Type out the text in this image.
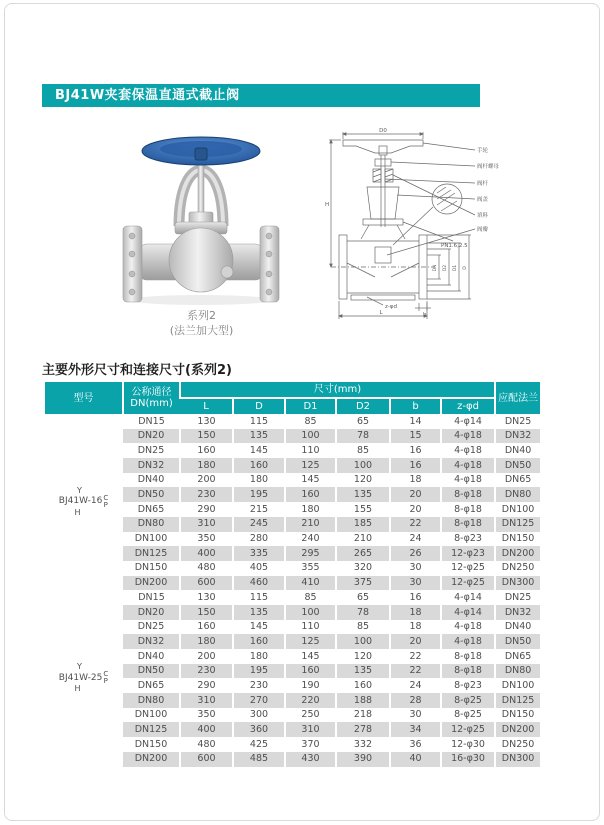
BJ41W夹套保温直通式截止阀
系列2
(法兰加大型)
D0
H
L	b
z-φd
DN D2 D1 D
手轮
阀杆螺母
阀杆
阀盖
填料
阀瓣
PN1.6,2.5
主要外形尺寸和连接尺寸(系列2)
型号	公称通径
DN(mm)	尺寸(mm)						应配法兰
		L	D	D1	D2	b	z-φd	

Y
BJ41W-16 C
P
H	DN15	130	115	85	65	14	4-φ14	DN25
	DN20	150	135	100	78	15	4-φ18	DN32
	DN25	160	145	110	85	16	4-φ18	DN40
	DN32	180	160	125	100	16	4-φ18	DN50
	DN40	200	180	145	120	18	4-φ18	DN65
	DN50	230	195	160	135	20	8-φ18	DN80
	DN65	290	215	180	155	20	8-φ18	DN100
	DN80	310	245	210	185	22	8-φ18	DN125
	DN100	350	280	240	210	24	8-φ23	DN150
	DN125	400	335	295	265	26	12-φ23	DN200
	DN150	480	405	355	320	30	12-φ25	DN250
	DN200	600	460	410	375	30	12-φ25	DN300

Y
BJ41W-25 C
P
H	DN15	130	115	85	65	16	4-φ14	DN25
	DN20	150	135	100	78	18	4-φ14	DN32
	DN25	160	145	110	85	18	4-φ18	DN40
	DN32	180	160	125	100	20	4-φ18	DN50
	DN40	200	180	145	120	22	8-φ18	DN65
	DN50	230	195	160	135	22	8-φ18	DN80
	DN65	290	230	190	160	24	8-φ23	DN100
	DN80	310	270	220	188	28	8-φ25	DN125
	DN100	350	300	250	218	30	8-φ25	DN150
	DN125	400	360	310	278	34	12-φ25	DN200
	DN150	480	425	370	332	36	12-φ30	DN250
	DN200	600	485	430	390	40	16-φ30	DN300
